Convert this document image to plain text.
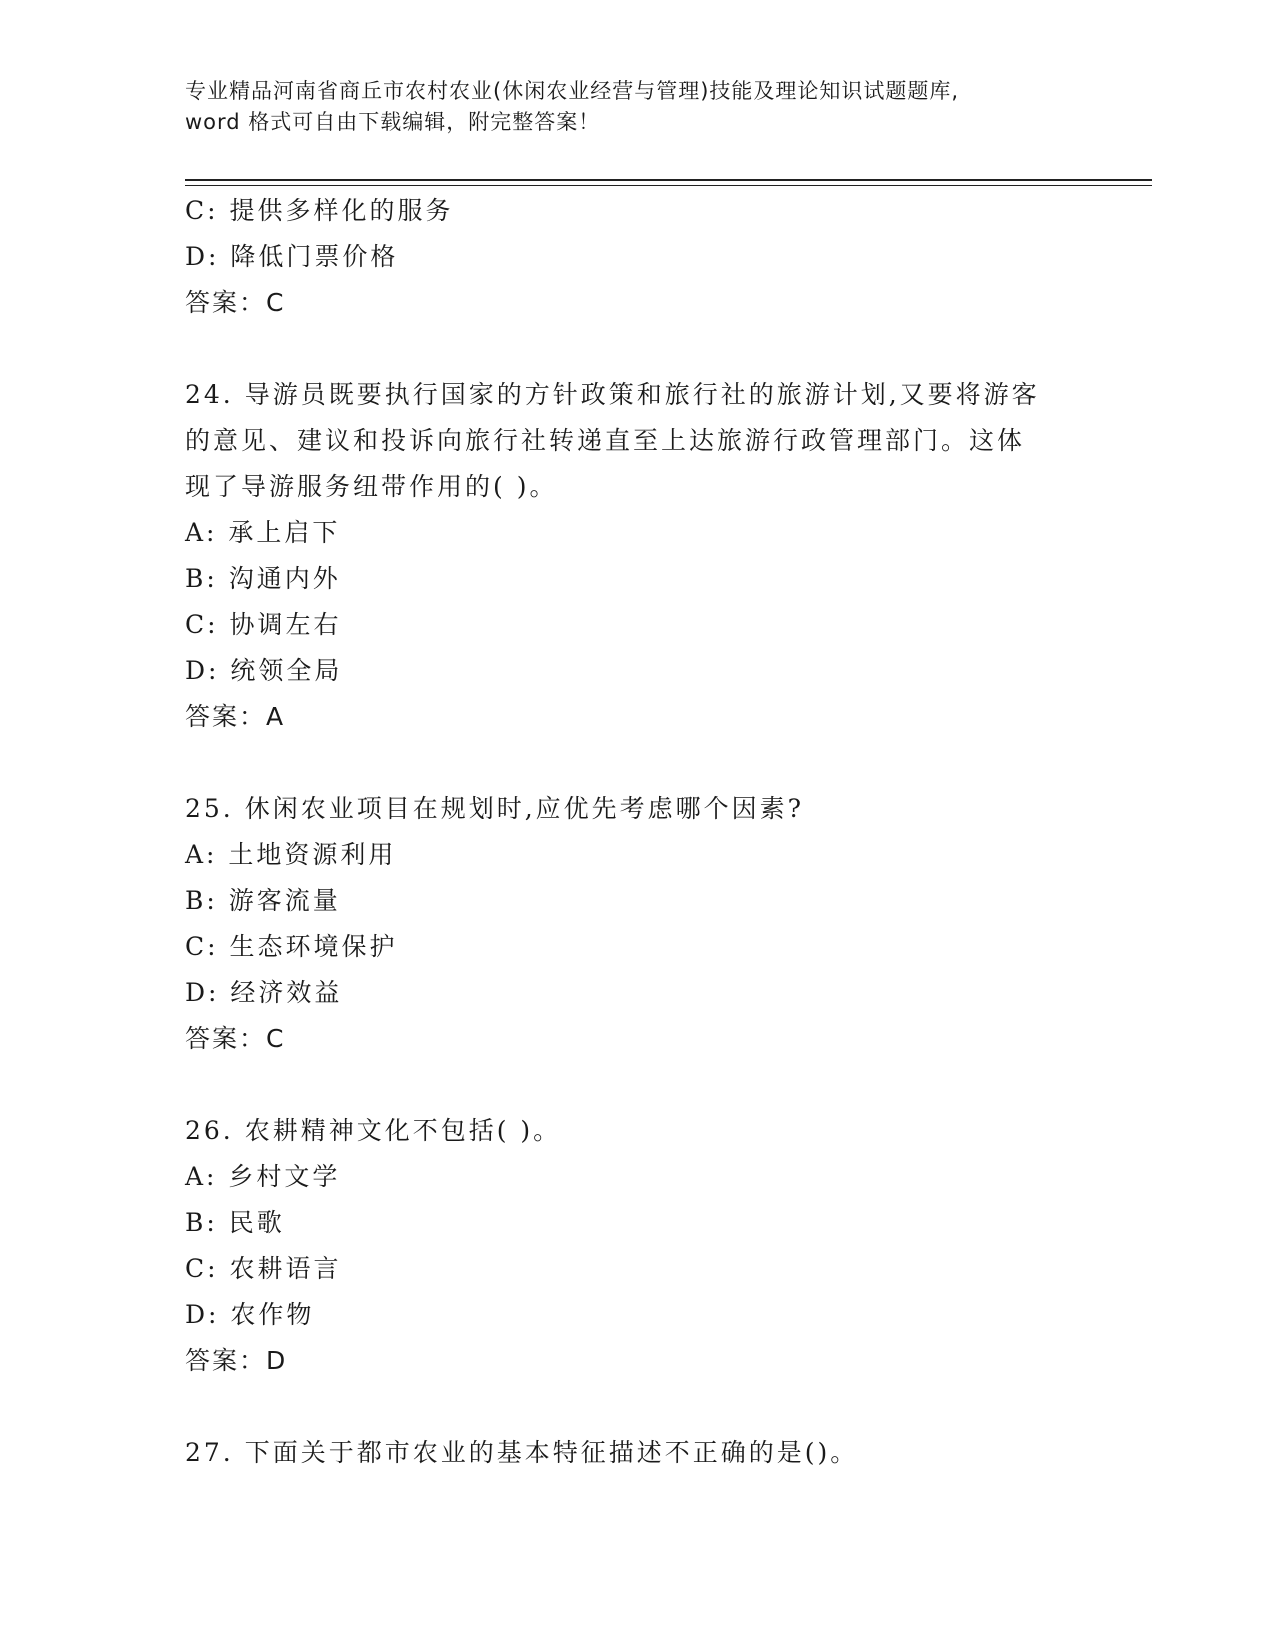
专业精品河南省商丘市农村农业(休闲农业经营与管理)技能及理论知识试题题库,
word 格式可自由下载编辑，附完整答案！
C: 提供多样化的服务
D: 降低门票价格
答案：C
24. 导游员既要执行国家的方针政策和旅行社的旅游计划,又要将游客
的意见、建议和投诉向旅行社转递直至上达旅游行政管理部门。这体
现了导游服务纽带作用的( )。
A: 承上启下
B: 沟通内外
C: 协调左右
D: 统领全局
答案：A
25. 休闲农业项目在规划时,应优先考虑哪个因素?
A: 土地资源利用
B: 游客流量
C: 生态环境保护
D: 经济效益
答案：C
26. 农耕精神文化不包括( )。
A: 乡村文学
B: 民歌
C: 农耕语言
D: 农作物
答案：D
27. 下面关于都市农业的基本特征描述不正确的是()。
